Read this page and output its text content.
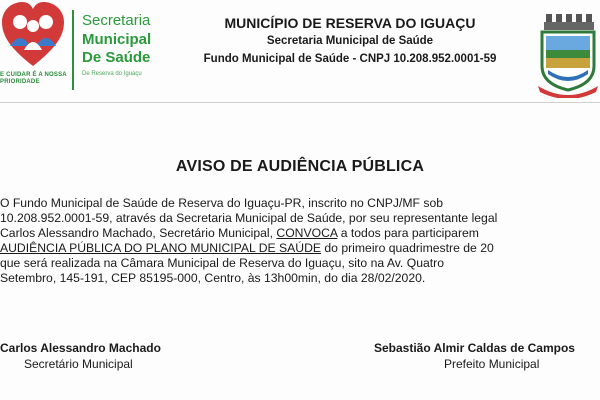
E CUIDAR É A NOSSA PRIORIDADE
Secretaria
Municipal
De Saúde
De Reserva do Iguaçu
MUNICÍPIO DE RESERVA DO IGUAÇU
Secretaria Municipal de Saúde
Fundo Municipal de Saúde - CNPJ 10.208.952.0001-59
AVISO DE AUDIÊNCIA PÚBLICA
O Fundo Municipal de Saúde de Reserva do Iguaçu-PR, inscrito no CNPJ/MF sob
10.208.952.0001-59, através da Secretaria Municipal de Saúde, por seu representante legal
Carlos Alessandro Machado, Secretário Municipal, CONVOCA a todos para participarem
AUDIÊNCIA PÚBLICA DO PLANO MUNICIPAL DE SAÚDE do primeiro quadrimestre de 20
que será realizada na Câmara Municipal de Reserva do Iguaçu, sito na Av. Quatro
Setembro, 145-191, CEP 85195-000, Centro, às 13h00min, do dia 28/02/2020.
Carlos Alessandro Machado
Secretário Municipal
Sebastião Almir Caldas de Campos
Prefeito Municipal
